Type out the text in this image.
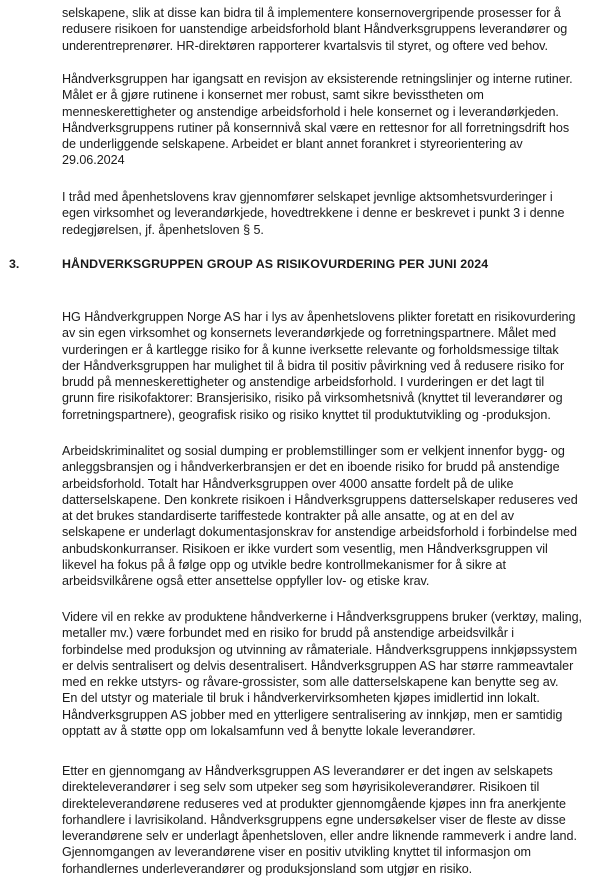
selskapene, slik at disse kan bidra til å implementere konsernovergripende prosesser for å
redusere risikoen for uanstendige arbeidsforhold blant Håndverksgruppens leverandører og
underentreprenører. HR-direktøren rapporterer kvartalsvis til styret, og oftere ved behov.

Håndverksgruppen har igangsatt en revisjon av eksisterende retningslinjer og interne rutiner.
Målet er å gjøre rutinene i konsernet mer robust, samt sikre bevisstheten om
menneskerettigheter og anstendige arbeidsforhold i hele konsernet og i leverandørkjeden.
Håndverksgruppens rutiner på konsernnivå skal være en rettesnor for all forretningsdrift hos
de underliggende selskapene. Arbeidet er blant annet forankret i styreorientering av
29.06.2024

I tråd med åpenhetslovens krav gjennomfører selskapet jevnlige aktsomhetsvurderinger i
egen virksomhet og leverandørkjede, hovedtrekkene i denne er beskrevet i punkt 3 i denne
redegjørelsen, jf. åpenhetsloven § 5.

3.	HÅNDVERKSGRUPPEN GROUP AS RISIKOVURDERING PER JUNI 2024

HG Håndverkgruppen Norge AS har i lys av åpenhetslovens plikter foretatt en risikovurdering
av sin egen virksomhet og konsernets leverandørkjede og forretningspartnere. Målet med
vurderingen er å kartlegge risiko for å kunne iverksette relevante og forholdsmessige tiltak
der Håndverksgruppen har mulighet til å bidra til positiv påvirkning ved å redusere risiko for
brudd på menneskerettigheter og anstendige arbeidsforhold. I vurderingen er det lagt til
grunn fire risikofaktorer: Bransjerisiko, risiko på virksomhetsnivå (knyttet til leverandører og
forretningspartnere), geografisk risiko og risiko knyttet til produktutvikling og -produksjon.

Arbeidskriminalitet og sosial dumping er problemstillinger som er velkjent innenfor bygg- og
anleggsbransjen og i håndverkerbransjen er det en iboende risiko for brudd på anstendige
arbeidsforhold. Totalt har Håndverksgruppen over 4000 ansatte fordelt på de ulike
datterselskapene. Den konkrete risikoen i Håndverksgruppens datterselskaper reduseres ved
at det brukes standardiserte tariffestede kontrakter på alle ansatte, og at en del av
selskapene er underlagt dokumentasjonskrav for anstendige arbeidsforhold i forbindelse med
anbudskonkurranser. Risikoen er ikke vurdert som vesentlig, men Håndverksgruppen vil
likevel ha fokus på å følge opp og utvikle bedre kontrollmekanismer for å sikre at
arbeidsvilkårene også etter ansettelse oppfyller lov- og etiske krav.

Videre vil en rekke av produktene håndverkerne i Håndverksgruppens bruker (verktøy, maling,
metaller mv.) være forbundet med en risiko for brudd på anstendige arbeidsvilkår i
forbindelse med produksjon og utvinning av råmateriale. Håndverksgruppens innkjøpssystem
er delvis sentralisert og delvis desentralisert. Håndverksgruppen AS har større rammeavtaler
med en rekke utstyrs- og råvare-grossister, som alle datterselskapene kan benytte seg av.
En del utstyr og materiale til bruk i håndverkervirksomheten kjøpes imidlertid inn lokalt.
Håndverksgruppen AS jobber med en ytterligere sentralisering av innkjøp, men er samtidig
opptatt av å støtte opp om lokalsamfunn ved å benytte lokale leverandører.

Etter en gjennomgang av Håndverksgruppen AS leverandører er det ingen av selskapets
direkteleverandører i seg selv som utpeker seg som høyrisikoleverandører. Risikoen til
direkteleverandørene reduseres ved at produkter gjennomgående kjøpes inn fra anerkjente
forhandlere i lavrisikoland. Håndverksgruppens egne undersøkelser viser de fleste av disse
leverandørene selv er underlagt åpenhetsloven, eller andre liknende rammeverk i andre land.
Gjennomgangen av leverandørene viser en positiv utvikling knyttet til informasjon om
forhandlernes underleverandører og produksjonsland som utgjør en risiko.
